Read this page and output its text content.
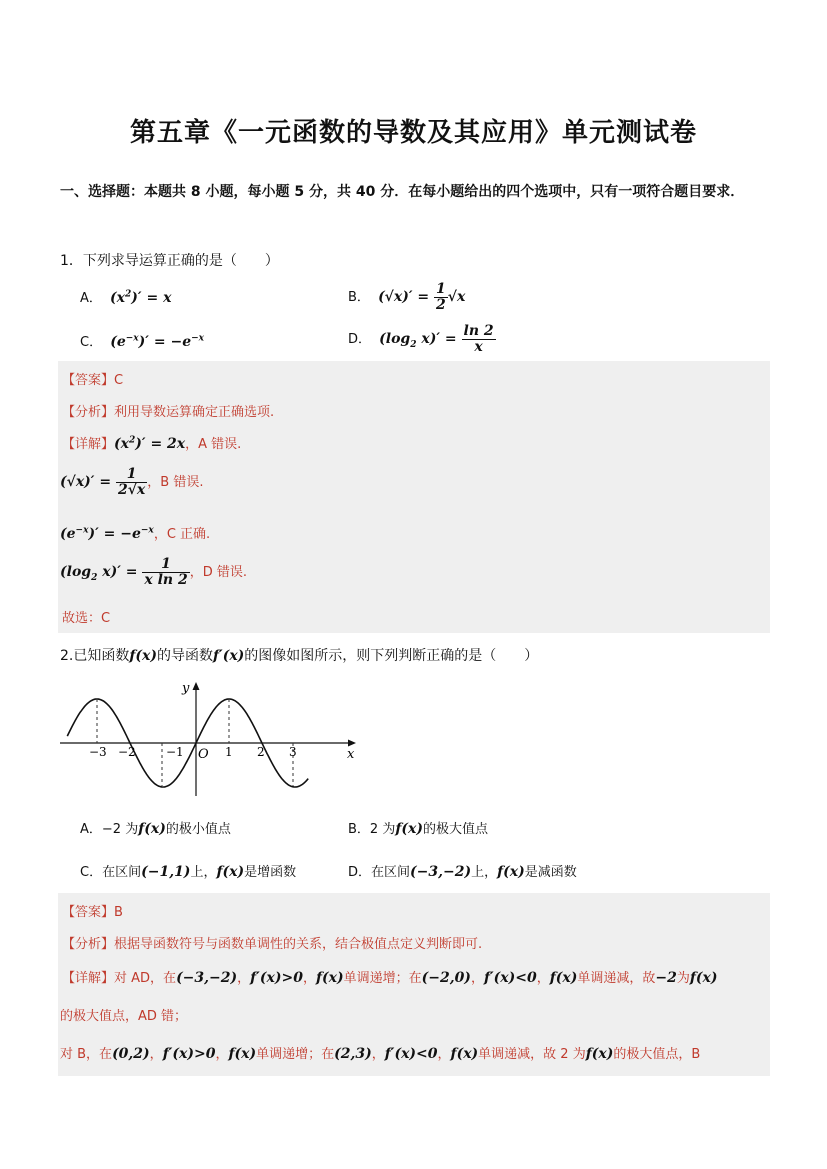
第五章《一元函数的导数及其应用》单元测试卷
一、选择题：本题共 8 小题，每小题 5 分，共 40 分．在每小题给出的四个选项中，只有一项符合题目要求．
1．下列求导运算正确的是（　　）
A． $(x^2)' = x$	B． $(√x)' = \frac{1}{2} √x$
C． $(e^{-x})' = -e^{-x}$	D． ($\log_2$ $x)' = \frac{\ln 2}{x}$
【答案】C
【分析】利用导数运算确定正确选项.
【详解】$(x^2)' = 2x$，A 错误.
$(√x)' = \frac{1}{2√x}$ ，B 错误.
$(e^{-x})' = -e^{-x}$，C 正确.
($\log_2$ $x)' = \frac{1}{\text{x ln 2}}$ ，D 错误.
故选：C
2.已知函数f(x)的导函数f′(x)的图像如图所示，则下列判断正确的是（　　）
y
x
O
−3 −2	−1	1 2 3
A．−2 为f(x)的极小值点	B．2 为f(x)的极大值点
C．在区间(−1,1)上，f(x)是增函数	D．在区间(−3,−2)上，f(x)是减函数
【答案】B
【分析】根据导函数符号与函数单调性的关系，结合极值点定义判断即可.
【详解】对 AD，在(−3,−2)，f′(x)>0，f(x)单调递增；在(−2,0)，f′(x)<0，f(x)单调递减，故−2为f(x)
的极大值点，AD 错；
对 B，在(0,2)，f′(x)>0，f(x)单调递增；在(2,3)，f′(x)<0，f(x)单调递减，故 2 为f(x)的极大值点，B
